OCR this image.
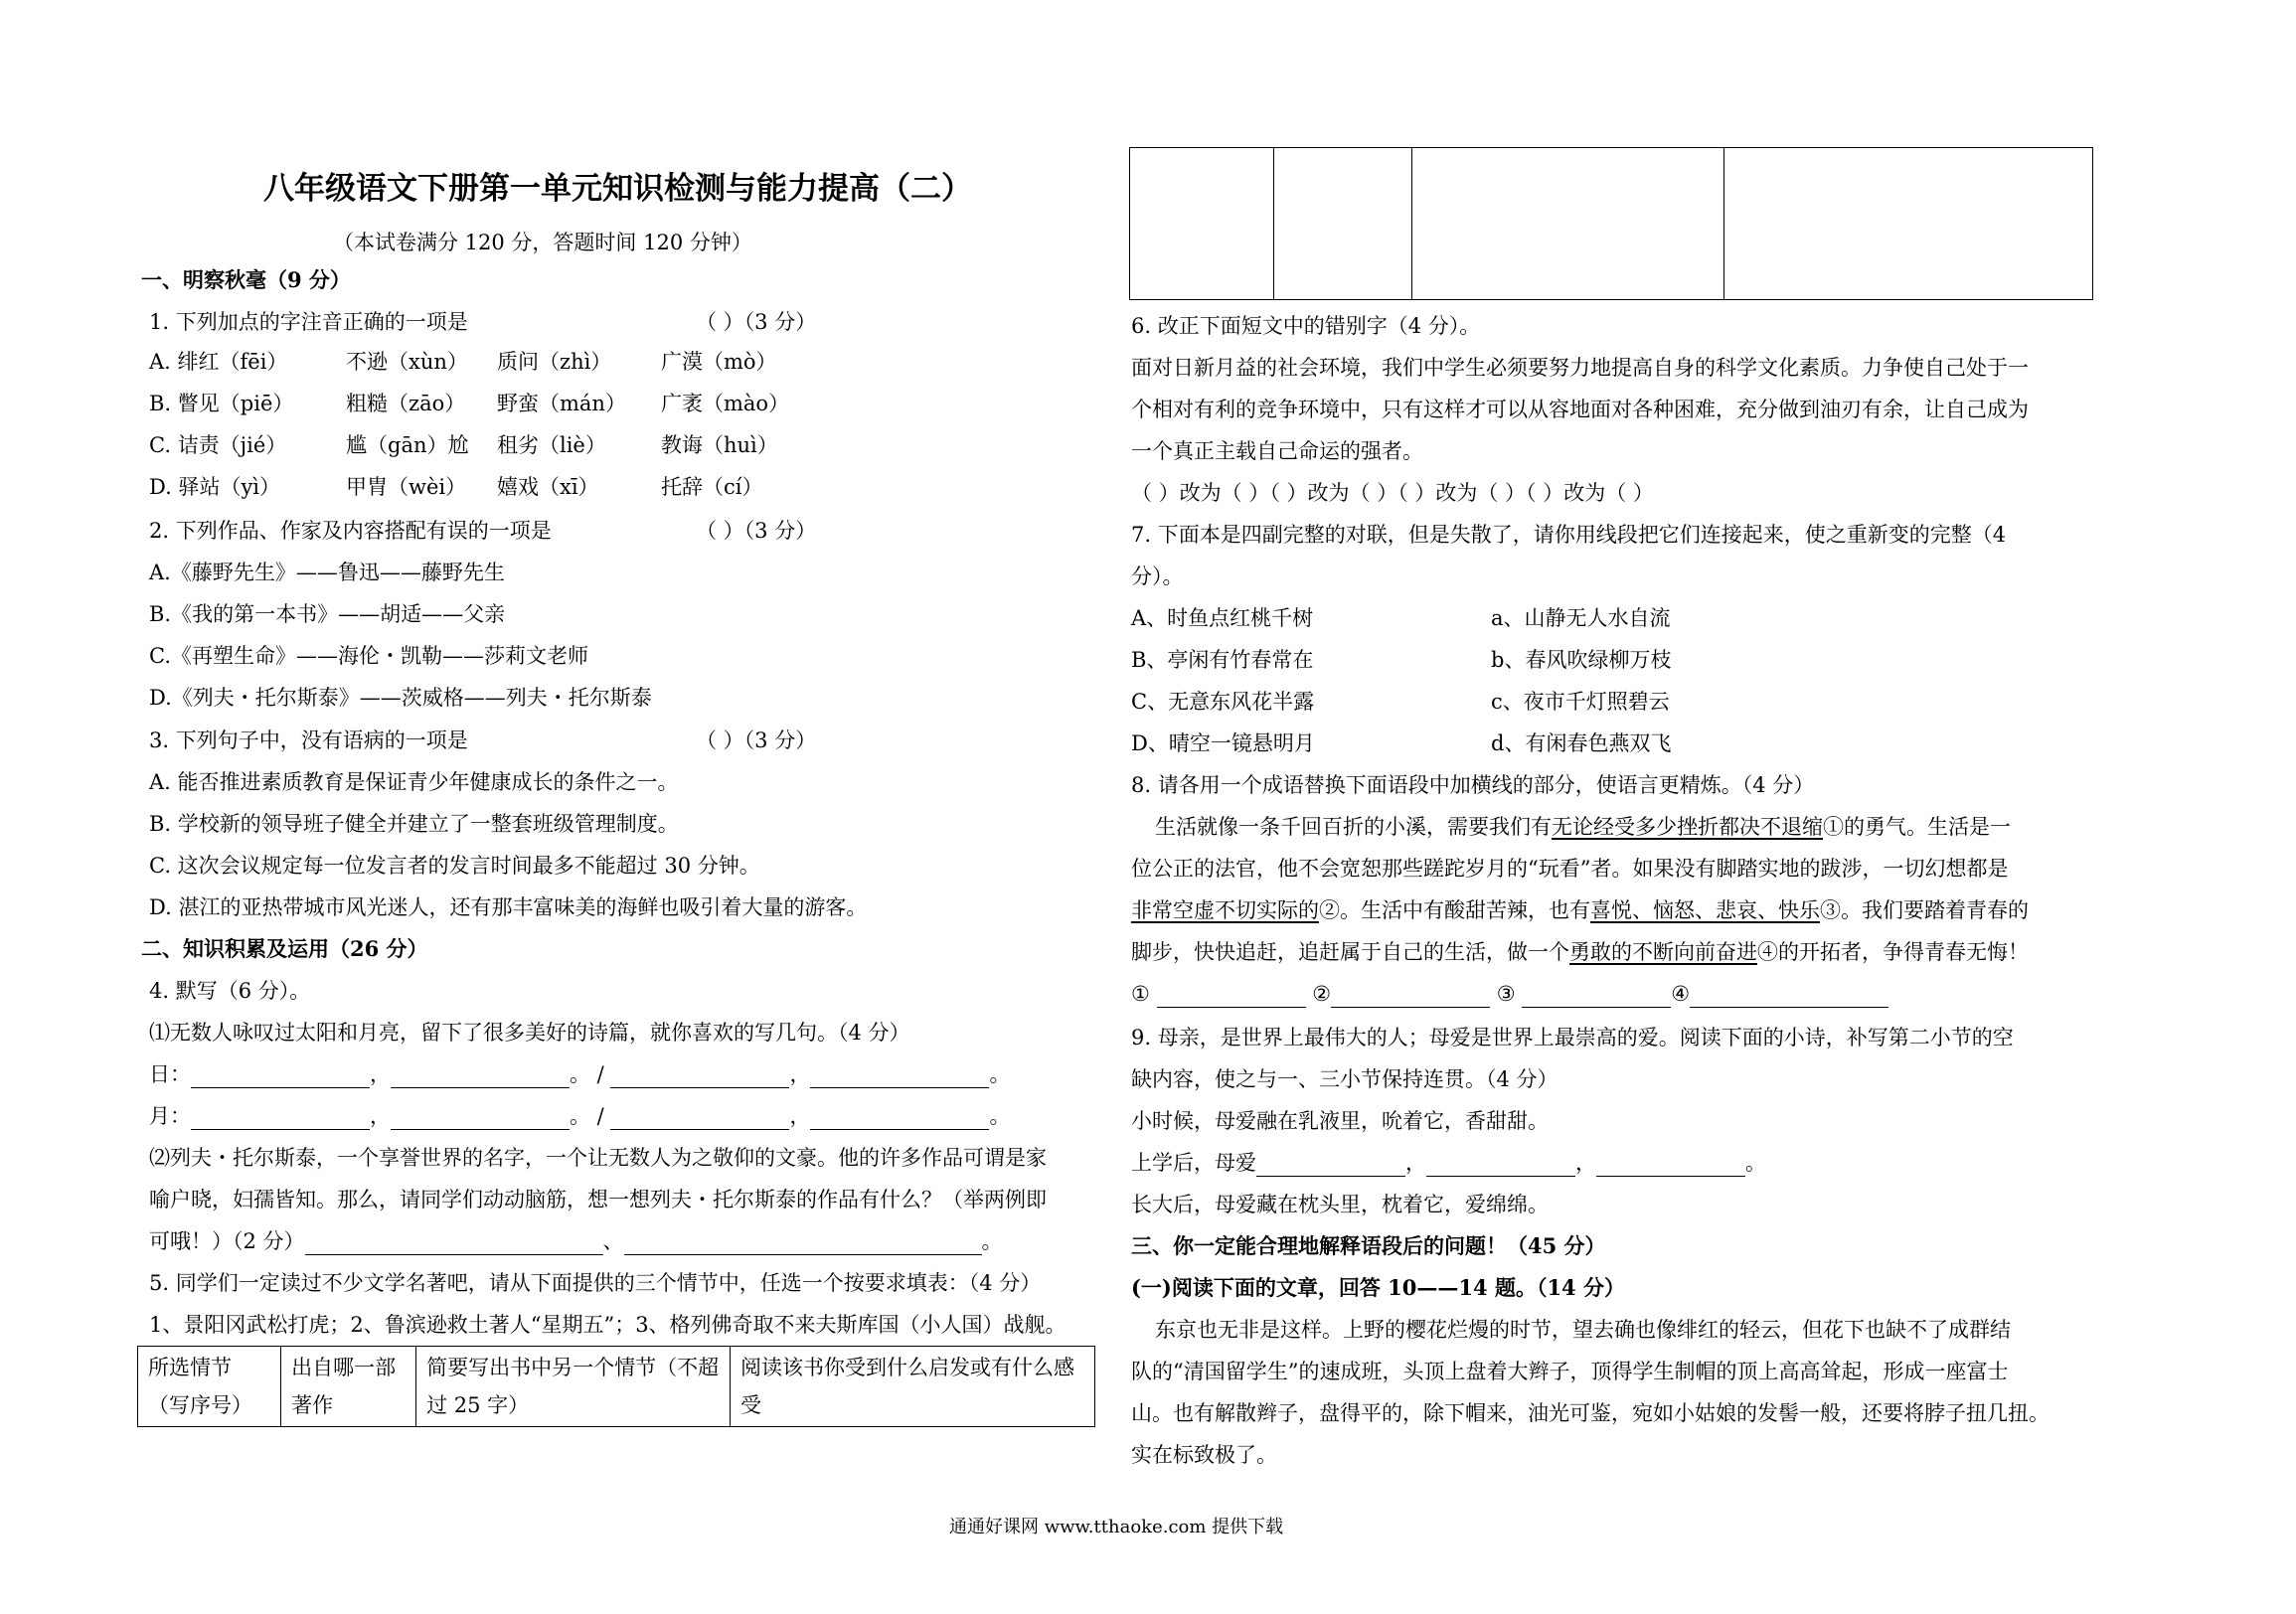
八年级语文下册第一单元知识检测与能力提高（二）
（本试卷满分 120 分，答题时间 120 分钟）
一、明察秋毫（9 分）
1. 下列加点的字注音正确的一项是	（ ）（3 分）
A. 绯红（fēi）	不逊（xùn） 质问（zhì） 广漠（mò）
B. 瞥见（piē）	粗糙（zāo） 野蛮（mán） 广袤（mào）
C. 诘责（jié）	尴（gān）尬 租劣（liè）	教诲（huì）
D. 驿站（yì）	甲胄（wèi） 嬉戏（xī）	托辞（cí）
2. 下列作品、作家及内容搭配有误的一项是	（ ）（3 分）
A.《藤野先生》——鲁迅——藤野先生
B.《我的第一本书》——胡适——父亲
C.《再塑生命》——海伦・凯勒——莎莉文老师
D.《列夫・托尔斯泰》——茨威格——列夫・托尔斯泰
3. 下列句子中，没有语病的一项是	（ ）（3 分）
A. 能否推进素质教育是保证青少年健康成长的条件之一。
B. 学校新的领导班子健全并建立了一整套班级管理制度。
C. 这次会议规定每一位发言者的发言时间最多不能超过 30 分钟。
D. 湛江的亚热带城市风光迷人，还有那丰富味美的海鲜也吸引着大量的游客。
二、知识积累及运用（26 分）
4. 默写（6 分）。
⑴无数人咏叹过太阳和月亮，留下了很多美好的诗篇，就你喜欢的写几句。（4 分）
日：	，	。 /	，	。
月：	，	。 /	，	。
⑵列夫・托尔斯泰，一个享誉世界的名字，一个让无数人为之敬仰的文豪。他的许多作品可谓是家
喻户晓，妇孺皆知。那么，请同学们动动脑筋，想一想列夫・托尔斯泰的作品有什么？（举两例即
可哦！）（2 分）	、	。
5. 同学们一定读过不少文学名著吧，请从下面提供的三个情节中，任选一个按要求填表：（4 分）
1、景阳冈武松打虎；2、鲁滨逊救土著人“星期五”；3、格列佛奇取不来夫斯库国（小人国）战舰。
所选情节（写序号）	出自哪一部著作	简要写出书中另一个情节（不超过 25 字）	阅读该书你受到什么启发或有什么感受

6. 改正下面短文中的错别字（4 分）。
面对日新月益的社会环境，我们中学生必须要努力地提高自身的科学文化素质。力争使自己处于一
个相对有利的竞争环境中，只有这样才可以从容地面对各种困难，充分做到油刃有余，让自己成为
一个真正主载自己命运的强者。
（ ）改为（ ）（ ）改为（ ）（ ）改为（ ）（ ）改为（ ）
7. 下面本是四副完整的对联，但是失散了，请你用线段把它们连接起来，使之重新变的完整（4
分）。
A、时鱼点红桃千树	a、山静无人水自流
B、亭闲有竹春常在	b、春风吹绿柳万枝
C、无意东风花半露	c、夜市千灯照碧云
D、晴空一镜悬明月	d、有闲春色燕双飞
8. 请各用一个成语替换下面语段中加横线的部分，使语言更精炼。（4 分）
生活就像一条千回百折的小溪，需要我们有无论经受多少挫折都决不退缩①的勇气。生活是一
位公正的法官，他不会宽恕那些蹉跎岁月的“玩看”者。如果没有脚踏实地的跋涉，一切幻想都是
非常空虚不切实际的②。生活中有酸甜苦辣，也有喜悦、恼怒、悲哀、快乐③。我们要踏着青春的
脚步，快快追赶，追赶属于自己的生活，做一个勇敢的不断向前奋进④的开拓者，争得青春无悔！
①	②	③	④
9. 母亲，是世界上最伟大的人；母爱是世界上最崇高的爱。阅读下面的小诗，补写第二小节的空
缺内容，使之与一、三小节保持连贯。（4 分）
小时候，母爱融在乳液里，吮着它，香甜甜。
上学后，母爱	，	，	。
长大后，母爱藏在枕头里，枕着它，爱绵绵。
三、你一定能合理地解释语段后的问题！（45 分）
(一)阅读下面的文章，回答 10——14 题。（14 分）
东京也无非是这样。上野的樱花烂熳的时节，望去确也像绯红的轻云，但花下也缺不了成群结
队的“清国留学生”的速成班，头顶上盘着大辫子，顶得学生制帽的顶上高高耸起，形成一座富士
山。也有解散辫子，盘得平的，除下帽来，油光可鉴，宛如小姑娘的发髻一般，还要将脖子扭几扭。
实在标致极了。
通通好课网 www.tthaoke.com 提供下载
